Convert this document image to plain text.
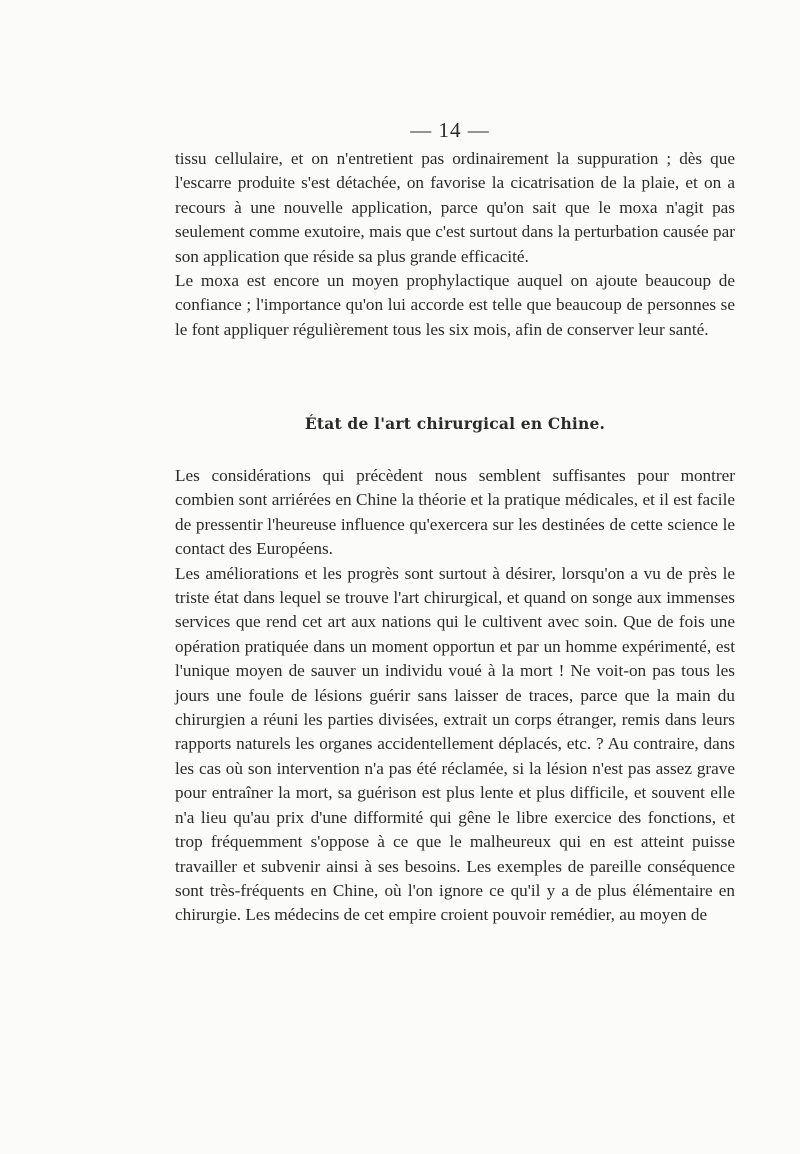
— 14 —

tissu cellulaire, et on n'entretient pas ordinairement la suppuration ; dès que l'escarre produite s'est détachée, on favorise la cicatrisation de la plaie, et on a recours à une nouvelle application, parce qu'on sait que le moxa n'agit pas seulement comme exutoire, mais que c'est surtout dans la perturbation causée par son application que réside sa plus grande efficacité.

Le moxa est encore un moyen prophylactique auquel on ajoute beaucoup de confiance ; l'importance qu'on lui accorde est telle que beaucoup de personnes se le font appliquer régulièrement tous les six mois, afin de conserver leur santé.

État de l'art chirurgical en Chine.

Les considérations qui précèdent nous semblent suffisantes pour montrer combien sont arriérées en Chine la théorie et la pratique médicales, et il est facile de pressentir l'heureuse influence qu'exercera sur les destinées de cette science le contact des Européens.

Les améliorations et les progrès sont surtout à désirer, lorsqu'on a vu de près le triste état dans lequel se trouve l'art chirurgical, et quand on songe aux immenses services que rend cet art aux nations qui le cultivent avec soin. Que de fois une opération pratiquée dans un moment opportun et par un homme expérimenté, est l'unique moyen de sauver un individu voué à la mort ! Ne voit-on pas tous les jours une foule de lésions guérir sans laisser de traces, parce que la main du chirurgien a réuni les parties divisées, extrait un corps étranger, remis dans leurs rapports naturels les organes accidentellement déplacés, etc. ? Au contraire, dans les cas où son intervention n'a pas été réclamée, si la lésion n'est pas assez grave pour entraîner la mort, sa guérison est plus lente et plus difficile, et souvent elle n'a lieu qu'au prix d'une difformité qui gêne le libre exercice des fonctions, et trop fréquemment s'oppose à ce que le malheureux qui en est atteint puisse travailler et subvenir ainsi à ses besoins. Les exemples de pareille conséquence sont très-fréquents en Chine, où l'on ignore ce qu'il y a de plus élémentaire en chirurgie. Les médecins de cet empire croient pouvoir remédier, au moyen de
